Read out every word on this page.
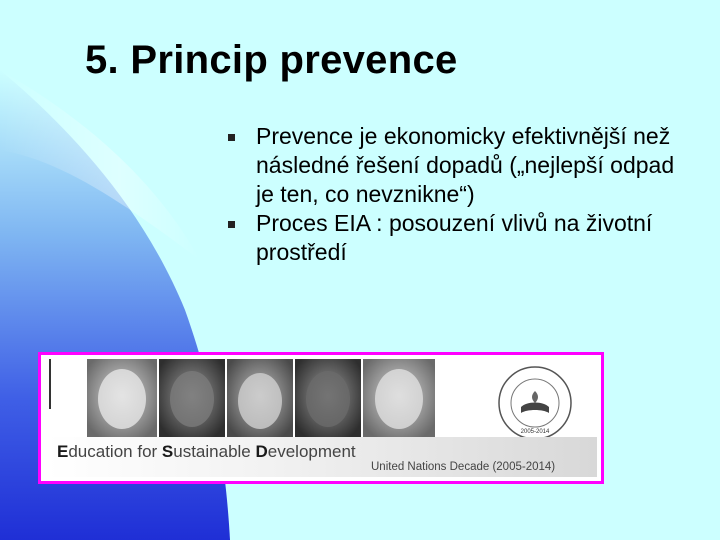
5. Princip prevence
Prevence je ekonomicky efektivnější než následné řešení dopadů („nejlepší odpad je ten, co nevznikne“)
Proces EIA : posouzení vlivů na životní prostředí
2005-2014
Education for Sustainable Development
United Nations Decade (2005-2014)
